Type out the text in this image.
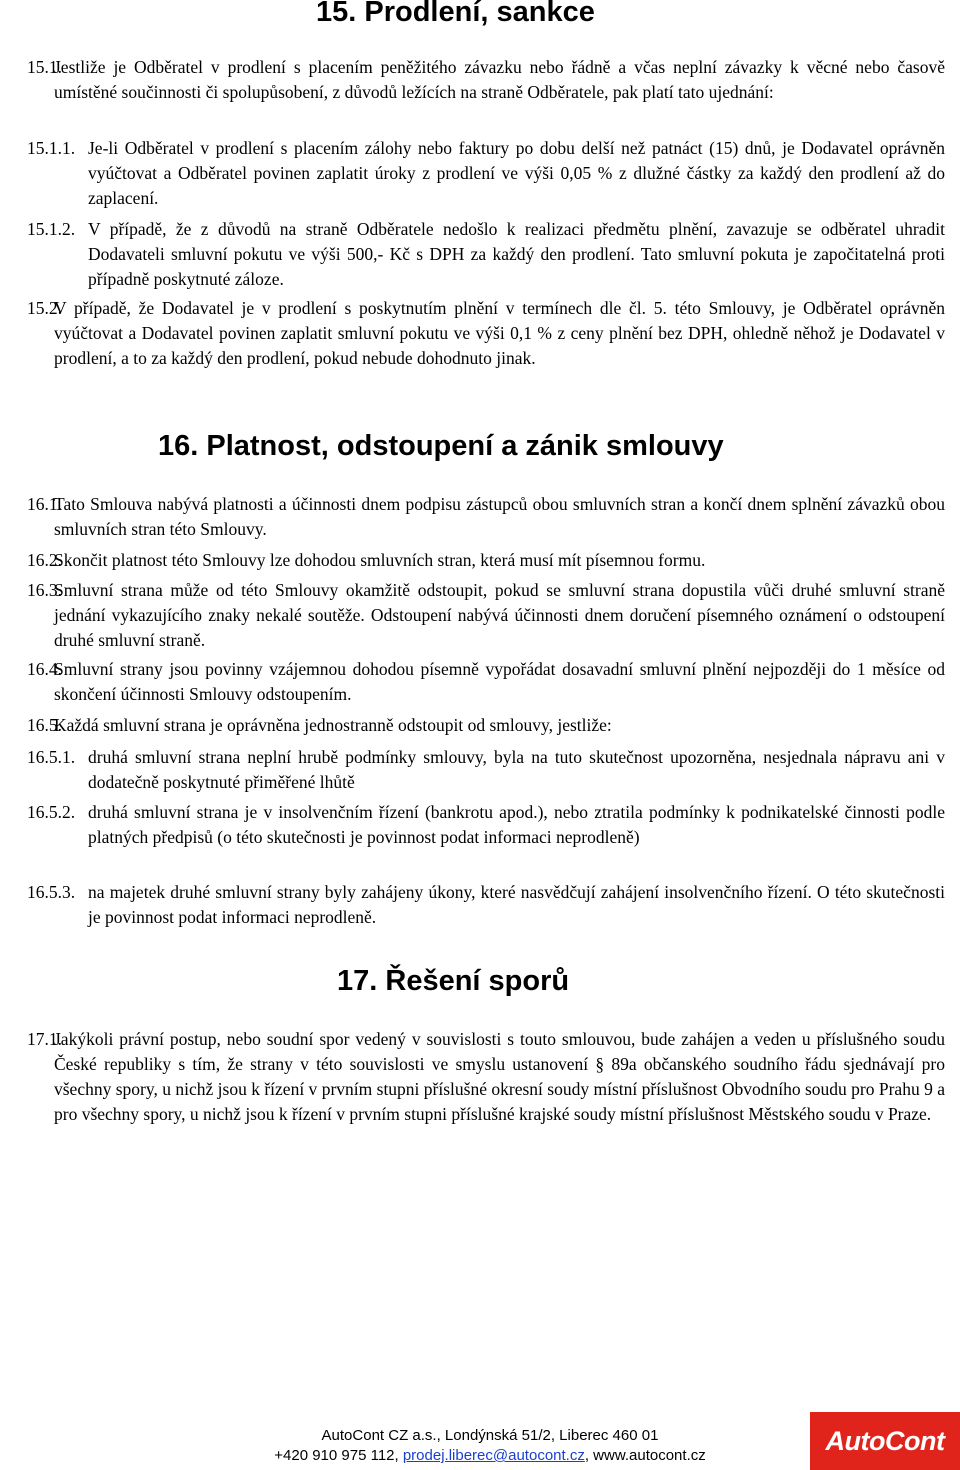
15. Prodlení, sankce
15.1.
Jestliže je Odběratel v prodlení s placením peněžitého závazku nebo řádně a včas neplní závazky k věcné nebo časově umístěné součinnosti či spolupůsobení, z důvodů ležících na straně Odběratele, pak platí tato ujednání:
15.1.1. Je-li Odběratel v prodlení s placením zálohy nebo faktury po dobu delší než patnáct (15) dnů, je Dodavatel oprávněn vyúčtovat a Odběratel povinen zaplatit úroky z prodlení ve výši 0,05 % z dlužné částky za každý den prodlení až do zaplacení.
15.1.2. V případě, že z důvodů na straně Odběratele nedošlo k realizaci předmětu plnění, zavazuje se odběratel uhradit Dodavateli smluvní pokutu ve výši 500,- Kč s DPH za každý den prodlení. Tato smluvní pokuta je započitatelná proti případně poskytnuté záloze.
15.2.
V případě, že Dodavatel je v prodlení s poskytnutím plnění v termínech dle čl. 5. této Smlouvy, je Odběratel oprávněn vyúčtovat a Dodavatel povinen zaplatit smluvní pokutu ve výši 0,1 % z ceny plnění bez DPH, ohledně něhož je Dodavatel v prodlení, a to za každý den prodlení, pokud nebude dohodnuto jinak.
16. Platnost, odstoupení a zánik smlouvy
16.1.
Tato Smlouva nabývá platnosti a účinnosti dnem podpisu zástupců obou smluvních stran a končí dnem splnění závazků obou smluvních stran této Smlouvy.
16.2.
Skončit platnost této Smlouvy lze dohodou smluvních stran, která musí mít písemnou formu.
16.3.
Smluvní strana může od této Smlouvy okamžitě odstoupit, pokud se smluvní strana dopustila vůči druhé smluvní straně jednání vykazujícího znaky nekalé soutěže. Odstoupení nabývá účinnosti dnem doručení písemného oznámení o odstoupení druhé smluvní straně.
16.4.
Smluvní strany jsou povinny vzájemnou dohodou písemně vypořádat dosavadní smluvní plnění nejpozději do 1 měsíce od skončení účinnosti Smlouvy odstoupením.
16.5.
Každá smluvní strana je oprávněna jednostranně odstoupit od smlouvy, jestliže:
16.5.1. druhá smluvní strana neplní hrubě podmínky smlouvy, byla na tuto skutečnost upozorněna, nesjednala nápravu ani v dodatečně poskytnuté přiměřené lhůtě
16.5.2. druhá smluvní strana je v insolvenčním řízení (bankrotu apod.), nebo ztratila podmínky k podnikatelské činnosti podle platných předpisů (o této skutečnosti je povinnost podat informaci neprodleně)
16.5.3. na majetek druhé smluvní strany byly zahájeny úkony, které nasvědčují zahájení insolvenčního řízení. O této skutečnosti je povinnost podat informaci neprodleně.
17. Řešení sporů
17.1.
Jakýkoli právní postup, nebo soudní spor vedený v souvislosti s touto smlouvou, bude zahájen a veden u příslušného soudu České republiky s tím, že strany v této souvislosti ve smyslu ustanovení § 89a občanského soudního řádu sjednávají pro všechny spory, u nichž jsou k řízení v prvním stupni příslušné okresní soudy místní příslušnost Obvodního soudu pro Prahu 9 a pro všechny spory, u nichž jsou k řízení v prvním stupni příslušné krajské soudy místní příslušnost Městského soudu v Praze.
AutoCont CZ a.s., Londýnská 51/2, Liberec 460 01
+420 910 975 112, prodej.liberec@autocont.cz, www.autocont.cz	AutoCont
